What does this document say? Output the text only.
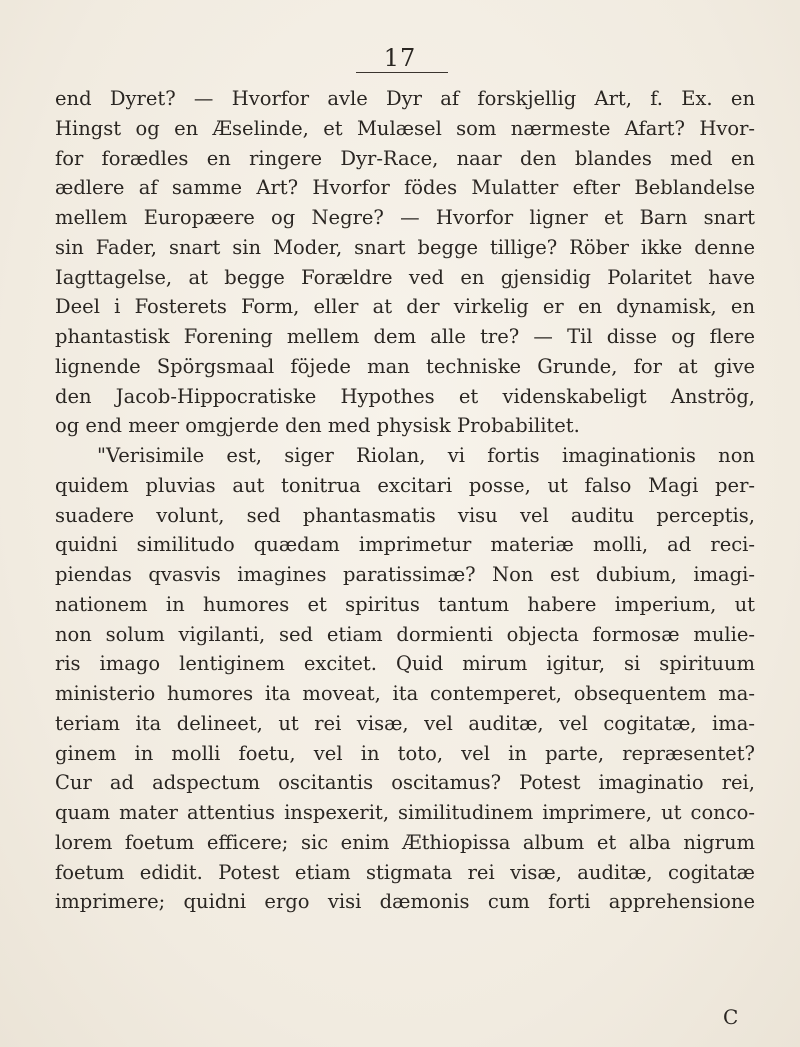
17
end Dyret? — Hvorfor avle Dyr af forskjellig Art, f. Ex. en
Hingst og en Æselinde, et Mulæsel som nærmeste Afart? Hvor-
for forædles en ringere Dyr-Race, naar den blandes med en
ædlere af samme Art? Hvorfor födes Mulatter efter Beblandelse
mellem Europæere og Negre? — Hvorfor ligner et Barn snart
sin Fader, snart sin Moder, snart begge tillige? Röber ikke denne
Iagttagelse, at begge Forældre ved en gjensidig Polaritet have
Deel i Fosterets Form, eller at der virkelig er en dynamisk, en
phantastisk Forening mellem dem alle tre? — Til disse og flere
lignende Spörgsmaal föjede man techniske Grunde, for at give
den Jacob-Hippocratiske Hypothes et videnskabeligt Anströg,
og end meer omgjerde den med physisk Probabilitet.
"Verisimile est, siger Riolan, vi fortis imaginationis non
quidem pluvias aut tonitrua excitari posse, ut falso Magi per-
suadere volunt, sed phantasmatis visu vel auditu perceptis,
quidni similitudo quædam imprimetur materiæ molli, ad reci-
piendas qvasvis imagines paratissimæ? Non est dubium, imagi-
nationem in humores et spiritus tantum habere imperium, ut
non solum vigilanti, sed etiam dormienti objecta formosæ mulie-
ris imago lentiginem excitet. Quid mirum igitur, si spirituum
ministerio humores ita moveat, ita contemperet, obsequentem ma-
teriam ita delineet, ut rei visæ, vel auditæ, vel cogitatæ, ima-
ginem in molli foetu, vel in toto, vel in parte, repræsentet?
Cur ad adspectum oscitantis oscitamus? Potest imaginatio rei,
quam mater attentius inspexerit, similitudinem imprimere, ut conco-
lorem foetum efficere; sic enim Æthiopissa album et alba nigrum
foetum edidit. Potest etiam stigmata rei visæ, auditæ, cogitatæ
imprimere; quidni ergo visi dæmonis cum forti apprehensione
C
